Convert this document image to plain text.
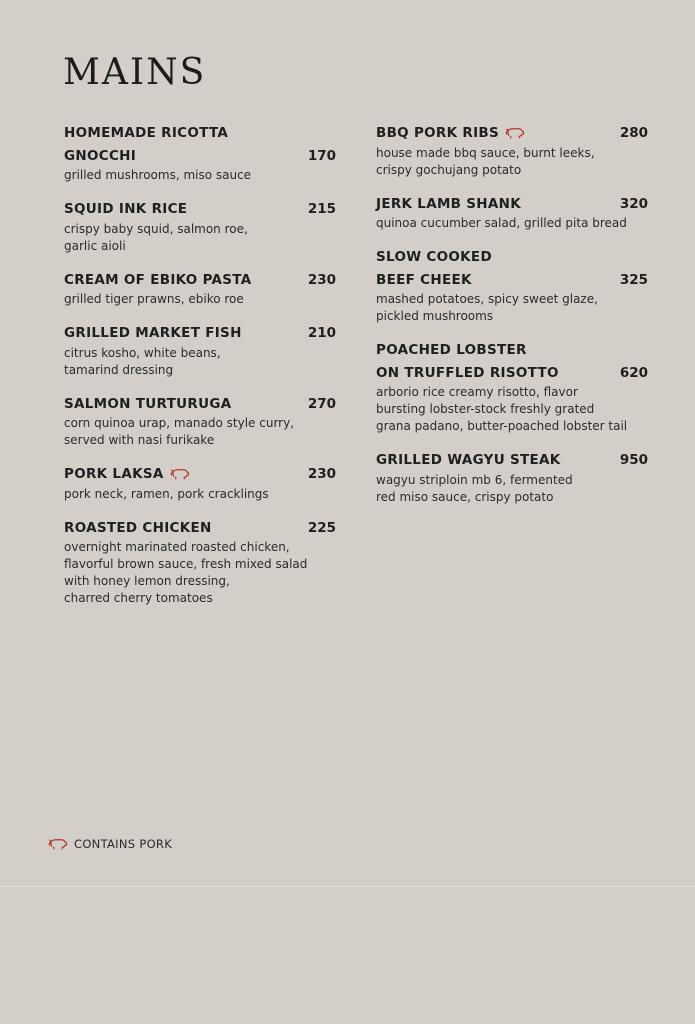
MAINS
HOMEMADE RICOTTA
GNOCCHI	170
grilled mushrooms, miso sauce
SQUID INK RICE	215
crispy baby squid, salmon roe,
garlic aioli
CREAM OF EBIKO PASTA	230
grilled tiger prawns, ebiko roe
GRILLED MARKET FISH	210
citrus kosho, white beans,
tamarind dressing
SALMON TURTURUGA	270
corn quinoa urap, manado style curry,
served with nasi furikake
PORK LAKSA	230
pork neck, ramen, pork cracklings
ROASTED CHICKEN	225
overnight marinated roasted chicken,
flavorful brown sauce, fresh mixed salad
with honey lemon dressing,
charred cherry tomatoes
BBQ PORK RIBS	280
house made bbq sauce, burnt leeks,
crispy gochujang potato
JERK LAMB SHANK	320
quinoa cucumber salad, grilled pita bread
SLOW COOKED
BEEF CHEEK	325
mashed potatoes, spicy sweet glaze,
pickled mushrooms
POACHED LOBSTER
ON TRUFFLED RISOTTO	620
arborio rice creamy risotto, flavor
bursting lobster-stock freshly grated
grana padano, butter-poached lobster tail
GRILLED WAGYU STEAK	950
wagyu striploin mb 6, fermented
red miso sauce, crispy potato
CONTAINS PORK
